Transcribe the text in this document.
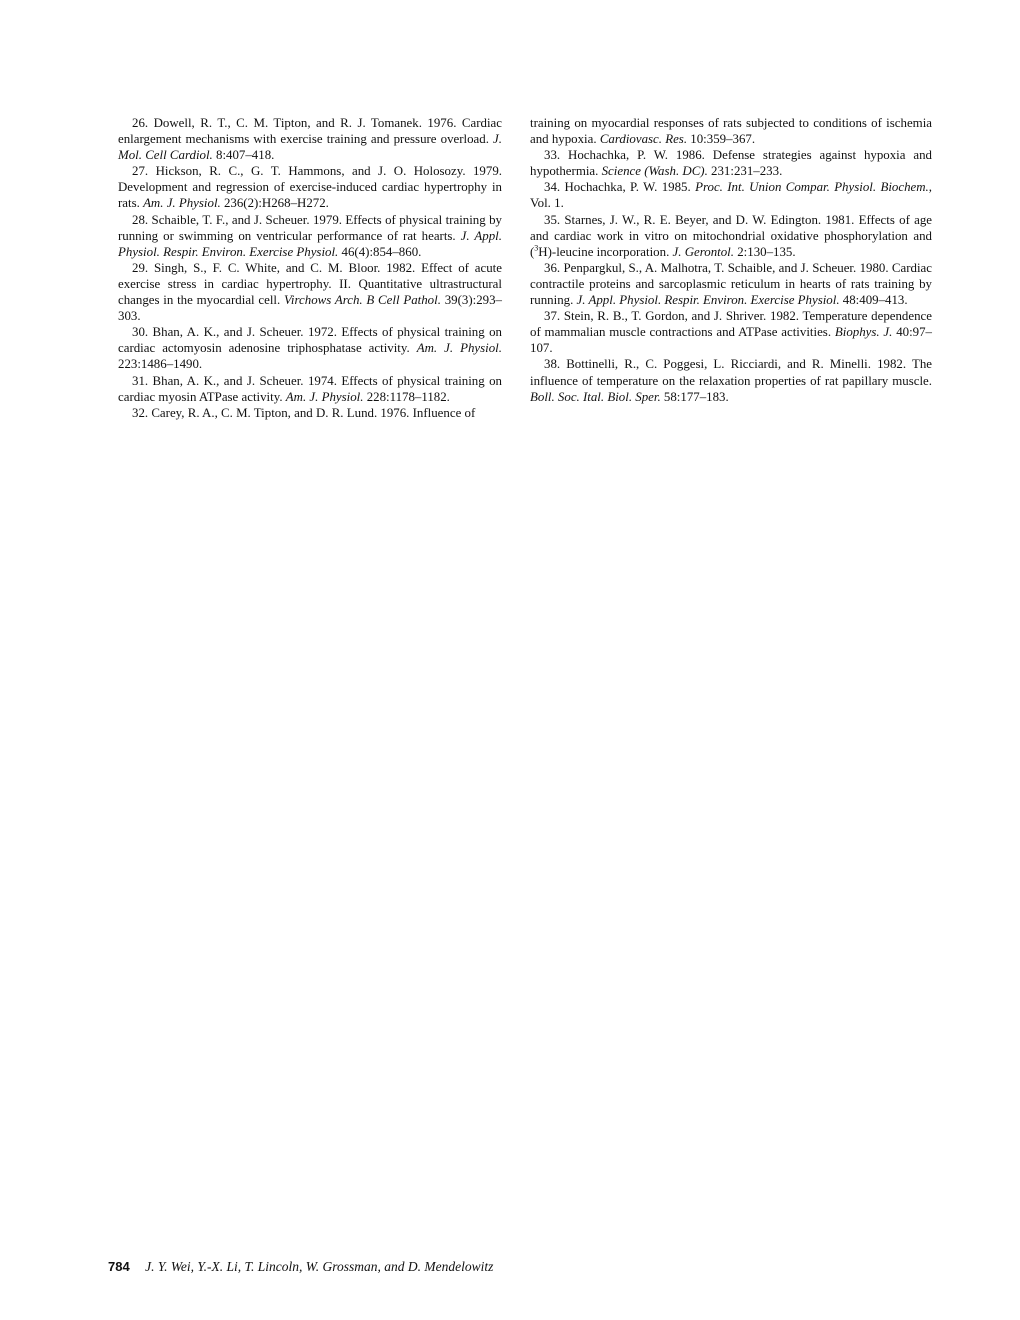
26. Dowell, R. T., C. M. Tipton, and R. J. Tomanek. 1976. Cardiac enlargement mechanisms with exercise training and pressure overload. J. Mol. Cell Cardiol. 8:407–418.

27. Hickson, R. C., G. T. Hammons, and J. O. Holosozy. 1979. Development and regression of exercise-induced cardiac hypertrophy in rats. Am. J. Physiol. 236(2):H268–H272.

28. Schaible, T. F., and J. Scheuer. 1979. Effects of physical training by running or swimming on ventricular performance of rat hearts. J. Appl. Physiol. Respir. Environ. Exercise Physiol. 46(4):854–860.

29. Singh, S., F. C. White, and C. M. Bloor. 1982. Effect of acute exercise stress in cardiac hypertrophy. II. Quantitative ultrastructural changes in the myocardial cell. Virchows Arch. B Cell Pathol. 39(3):293–303.

30. Bhan, A. K., and J. Scheuer. 1972. Effects of physical training on cardiac actomyosin adenosine triphosphatase activity. Am. J. Physiol. 223:1486–1490.

31. Bhan, A. K., and J. Scheuer. 1974. Effects of physical training on cardiac myosin ATPase activity. Am. J. Physiol. 228:1178–1182.

32. Carey, R. A., C. M. Tipton, and D. R. Lund. 1976. Influence of

training on myocardial responses of rats subjected to conditions of ischemia and hypoxia. Cardiovasc. Res. 10:359–367.

33. Hochachka, P. W. 1986. Defense strategies against hypoxia and hypothermia. Science (Wash. DC). 231:231–233.

34. Hochachka, P. W. 1985. Proc. Int. Union Compar. Physiol. Biochem., Vol. 1.

35. Starnes, J. W., R. E. Beyer, and D. W. Edington. 1981. Effects of age and cardiac work in vitro on mitochondrial oxidative phosphorylation and ($^3$H)-leucine incorporation. J. Gerontol. 2:130–135.

36. Penpargkul, S., A. Malhotra, T. Schaible, and J. Scheuer. 1980. Cardiac contractile proteins and sarcoplasmic reticulum in hearts of rats training by running. J. Appl. Physiol. Respir. Environ. Exercise Physiol. 48:409–413.

37. Stein, R. B., T. Gordon, and J. Shriver. 1982. Temperature dependence of mammalian muscle contractions and ATPase activities. Biophys. J. 40:97–107.

38. Bottinelli, R., C. Poggesi, L. Ricciardi, and R. Minelli. 1982. The influence of temperature on the relaxation properties of rat papillary muscle. Boll. Soc. Ital. Biol. Sper. 58:177–183.

784 J. Y. Wei, Y.-X. Li, T. Lincoln, W. Grossman, and D. Mendelowitz
